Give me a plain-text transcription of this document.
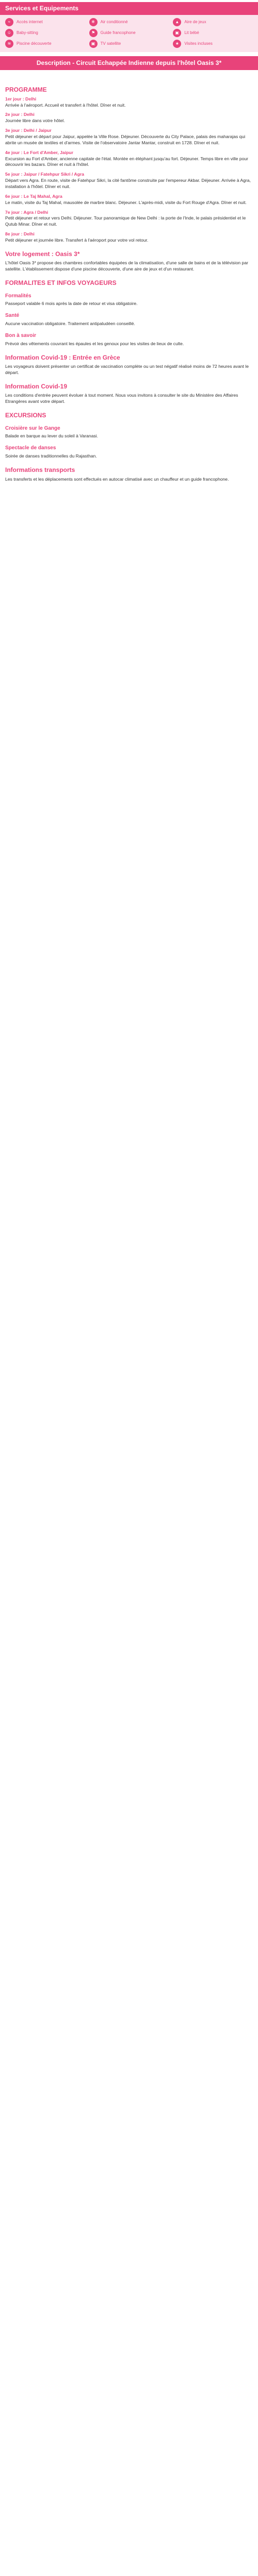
Services et Equipements
≈	Accès internet	❄	Air conditionné	▲	Aire de jeux
☺	Baby-sitting	⚑	Guide francophone	▣	Lit bébé
≋	Piscine découverte	▣	TV satellite	★	Visites incluses
Description - Circuit Echappée Indienne depuis l'hôtel Oasis 3*
PROGRAMME

1er jour : Delhi
Arrivée à l'aéroport. Accueil et transfert à l'hôtel. Dîner et nuit.

2e jour : Delhi
Journée libre dans votre hôtel.

3e jour : Delhi / Jaipur
Petit déjeuner et départ pour Jaipur, appelée la Ville Rose. Déjeuner. Découverte du City Palace, palais des maharajas qui abrite un musée de textiles et d'armes. Visite de l'observatoire Jantar Mantar, construit en 1728. Dîner et nuit.

4e jour : Le Fort d'Amber, Jaipur
Excursion au Fort d'Amber, ancienne capitale de l'état. Montée en éléphant jusqu'au fort. Déjeuner. Temps libre en ville pour découvrir les bazars. Dîner et nuit à l'hôtel.

5e jour : Jaipur / Fatehpur Sikri / Agra
Départ vers Agra. En route, visite de Fatehpur Sikri, la cité fantôme construite par l'empereur Akbar. Déjeuner. Arrivée à Agra, installation à l'hôtel. Dîner et nuit.

6e jour : Le Taj Mahal, Agra
Le matin, visite du Taj Mahal, mausolée de marbre blanc. Déjeuner. L'après-midi, visite du Fort Rouge d'Agra. Dîner et nuit.

7e jour : Agra / Delhi
Petit déjeuner et retour vers Delhi. Déjeuner. Tour panoramique de New Delhi : la porte de l'Inde, le palais présidentiel et le Qutub Minar. Dîner et nuit.

8e jour : Delhi
Petit déjeuner et journée libre. Transfert à l'aéroport pour votre vol retour.

Votre logement : Oasis 3*

L'hôtel Oasis 3* propose des chambres confortables équipées de la climatisation, d'une salle de bains et de la télévision par satellite. L'établissement dispose d'une piscine découverte, d'une aire de jeux et d'un restaurant.

FORMALITES ET INFOS VOYAGEURS
Formalités

Passeport valable 6 mois après la date de retour et visa obligatoire.

Santé

Aucune vaccination obligatoire. Traitement antipaludéen conseillé.

Bon à savoir

Prévoir des vêtements couvrant les épaules et les genoux pour les visites de lieux de culte.

Information Covid-19 : Entrée en Grèce

Les voyageurs doivent présenter un certificat de vaccination complète ou un test négatif réalisé moins de 72 heures avant le départ.

Information Covid-19

Les conditions d'entrée peuvent évoluer à tout moment. Nous vous invitons à consulter le site du Ministère des Affaires Etrangères avant votre départ.

EXCURSIONS
Croisière sur le Gange

Balade en barque au lever du soleil à Varanasi.

Spectacle de danses

Soirée de danses traditionnelles du Rajasthan.

Informations transports

Les transferts et les déplacements sont effectués en autocar climatisé avec un chauffeur et un guide francophone.
